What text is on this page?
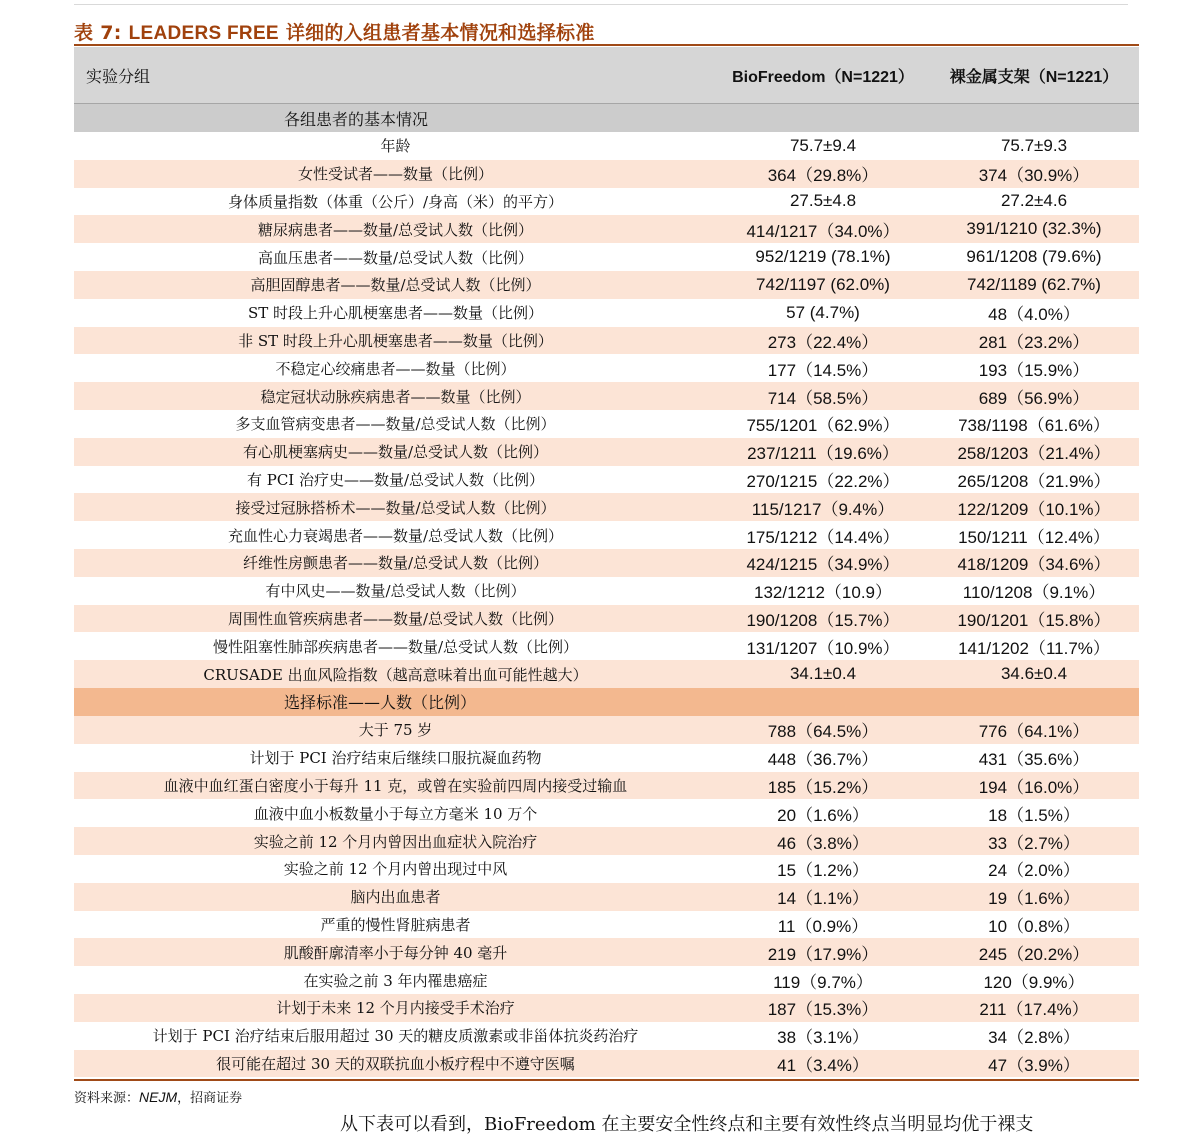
表 7: LEADERS FREE 详细的入组患者基本情况和选择标准
实验分组	BioFreedom（N=1221）	裸金属支架（N=1221）
各组患者的基本情况		
年龄	75.7±9.4	75.7±9.3
女性受试者——数量（比例）	364（29.8%）	374（30.9%）
身体质量指数（体重（公斤）/身高（米）的平方）	27.5±4.8	27.2±4.6
糖尿病患者——数量/总受试人数（比例）	414/1217（34.0%）	391/1210 (32.3%)
高血压患者——数量/总受试人数（比例）	952/1219 (78.1%)	961/1208 (79.6%)
高胆固醇患者——数量/总受试人数（比例）	742/1197 (62.0%)	742/1189 (62.7%)
ST 时段上升心肌梗塞患者——数量（比例）	57 (4.7%)	48（4.0%）
非 ST 时段上升心肌梗塞患者——数量（比例）	273（22.4%）	281（23.2%）
不稳定心绞痛患者——数量（比例）	177（14.5%）	193（15.9%）
稳定冠状动脉疾病患者——数量（比例）	714（58.5%）	689（56.9%）
多支血管病变患者——数量/总受试人数（比例）	755/1201（62.9%）	738/1198（61.6%）
有心肌梗塞病史——数量/总受试人数（比例）	237/1211（19.6%）	258/1203（21.4%）
有 PCI 治疗史——数量/总受试人数（比例）	270/1215（22.2%）	265/1208（21.9%）
接受过冠脉搭桥术——数量/总受试人数（比例）	115/1217（9.4%）	122/1209（10.1%）
充血性心力衰竭患者——数量/总受试人数（比例）	175/1212（14.4%）	150/1211（12.4%）
纤维性房颤患者——数量/总受试人数（比例）	424/1215（34.9%）	418/1209（34.6%）
有中风史——数量/总受试人数（比例）	132/1212（10.9）	110/1208（9.1%）
周围性血管疾病患者——数量/总受试人数（比例）	190/1208（15.7%）	190/1201（15.8%）
慢性阻塞性肺部疾病患者——数量/总受试人数（比例）	131/1207（10.9%）	141/1202（11.7%）
CRUSADE 出血风险指数（越高意味着出血可能性越大）	34.1±0.4	34.6±0.4
选择标准——人数（比例）		
大于 75 岁	788（64.5%）	776（64.1%）
计划于 PCI 治疗结束后继续口服抗凝血药物	448（36.7%）	431（35.6%）
血液中血红蛋白密度小于每升 11 克，或曾在实验前四周内接受过输血	185（15.2%）	194（16.0%）
血液中血小板数量小于每立方毫米 10 万个	20（1.6%）	18（1.5%）
实验之前 12 个月内曾因出血症状入院治疗	46（3.8%）	33（2.7%）
实验之前 12 个月内曾出现过中风	15（1.2%）	24（2.0%）
脑内出血患者	14（1.1%）	19（1.6%）
严重的慢性肾脏病患者	11（0.9%）	10（0.8%）
肌酸酐廓清率小于每分钟 40 毫升	219（17.9%）	245（20.2%）
在实验之前 3 年内罹患癌症	119（9.7%）	120（9.9%）
计划于未来 12 个月内接受手术治疗	187（15.3%）	211（17.4%）
计划于 PCI 治疗结束后服用超过 30 天的糖皮质激素或非甾体抗炎药治疗	38（3.1%）	34（2.8%）
很可能在超过 30 天的双联抗血小板疗程中不遵守医嘱	41（3.4%）	47（3.9%）
资料来源：NEJM，招商证券
从下表可以看到，BioFreedom 在主要安全性终点和主要有效性终点当明显均优于裸支
